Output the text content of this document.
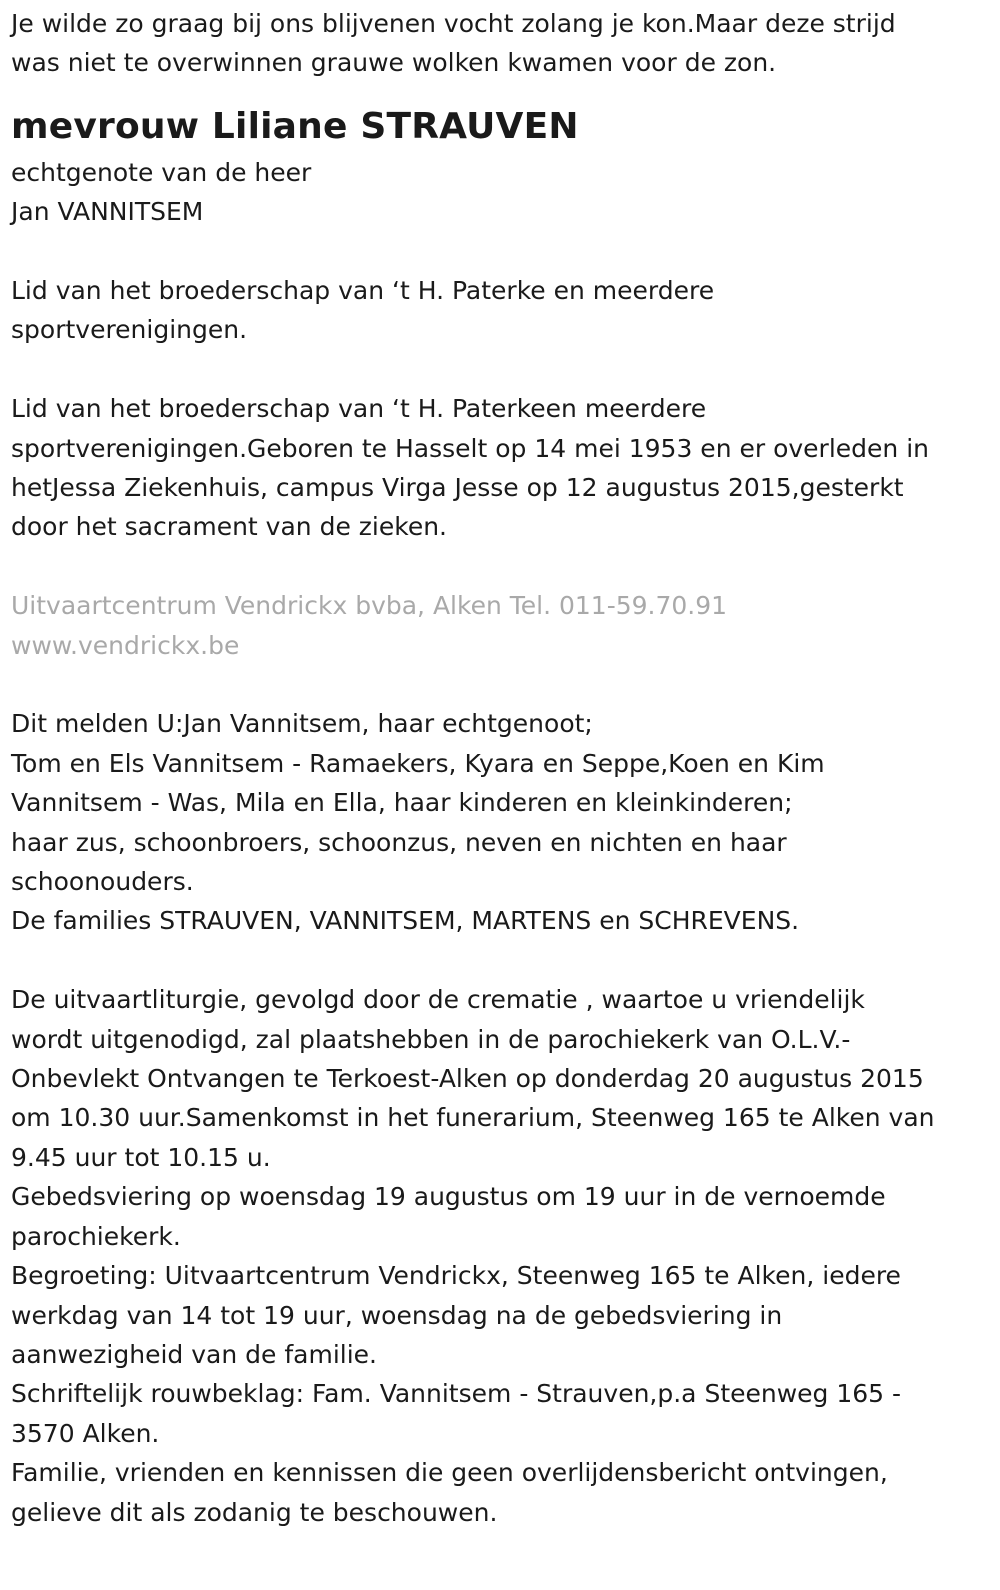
Je wilde zo graag bij ons blijvenen vocht zolang je kon.Maar deze strijd

was niet te overwinnen grauwe wolken kwamen voor de zon.

mevrouw Liliane STRAUVEN

echtgenote van de heer

Jan VANNITSEM

Lid van het broederschap van ‘t H. Paterke en meerdere

sportverenigingen.

Lid van het broederschap van ‘t H. Paterkeen meerdere

sportverenigingen.Geboren te Hasselt op 14 mei 1953 en er overleden in

hetJessa Ziekenhuis, campus Virga Jesse op 12 augustus 2015,gesterkt

door het sacrament van de zieken.

Uitvaartcentrum Vendrickx bvba, Alken Tel. 011-59.70.91

www.vendrickx.be

Dit melden U:Jan Vannitsem, haar echtgenoot;

Tom en Els Vannitsem - Ramaekers, Kyara en Seppe,Koen en Kim

Vannitsem - Was, Mila en Ella, haar kinderen en kleinkinderen;

haar zus, schoonbroers, schoonzus, neven en nichten en haar

schoonouders.

De families STRAUVEN, VANNITSEM, MARTENS en SCHREVENS.

De uitvaartliturgie, gevolgd door de crematie , waartoe u vriendelijk

wordt uitgenodigd, zal plaatshebben in de parochiekerk van O.L.V.-

Onbevlekt Ontvangen te Terkoest-Alken op donderdag 20 augustus 2015

om 10.30 uur.Samenkomst in het funerarium, Steenweg 165 te Alken van

9.45 uur tot 10.15 u.

Gebedsviering op woensdag 19 augustus om 19 uur in de vernoemde

parochiekerk.

Begroeting: Uitvaartcentrum Vendrickx, Steenweg 165 te Alken, iedere

werkdag van 14 tot 19 uur, woensdag na de gebedsviering in

aanwezigheid van de familie.

Schriftelijk rouwbeklag: Fam. Vannitsem - Strauven,p.a Steenweg 165 -

3570 Alken.

Familie, vrienden en kennissen die geen overlijdensbericht ontvingen,

gelieve dit als zodanig te beschouwen.
